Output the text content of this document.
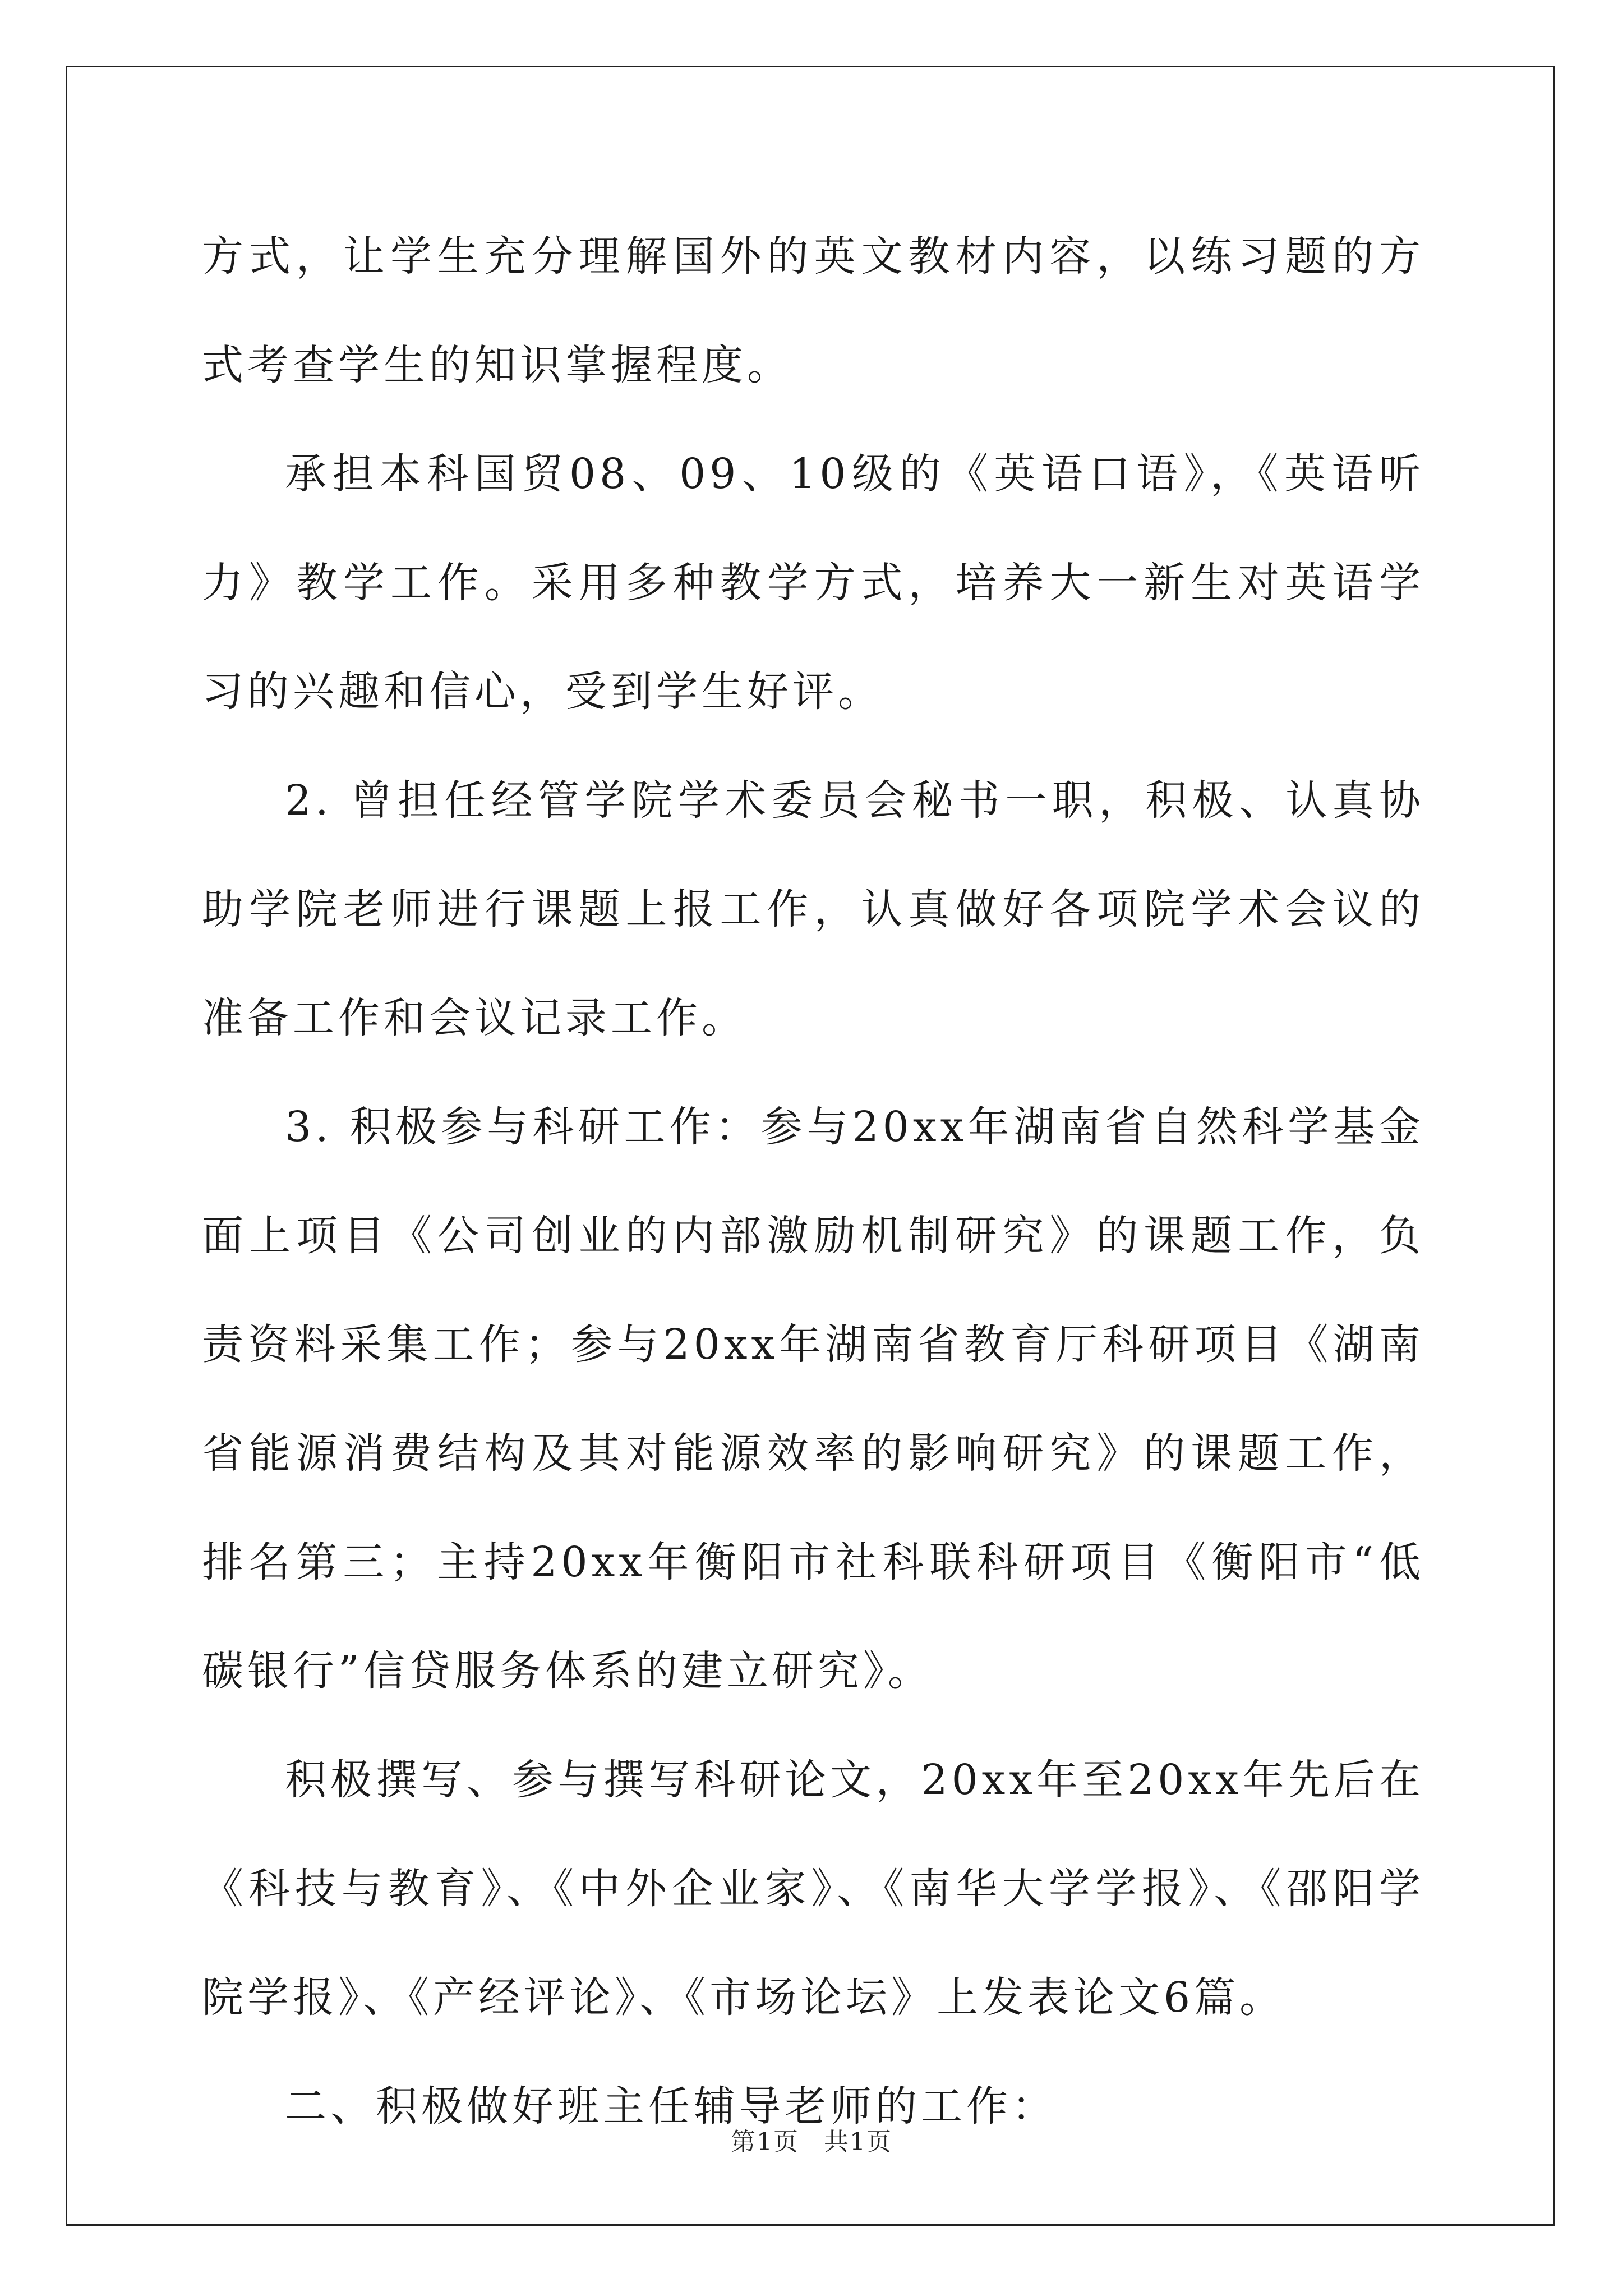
方式，让学生充分理解国外的英文教材内容，以练习题的方式考查学生的知识掌握程度。

承担本科国贸08、09、10级的《英语口语》，《英语听力》教学工作。采用多种教学方式，培养大一新生对英语学习的兴趣和信心，受到学生好评。

2. 曾担任经管学院学术委员会秘书一职，积极、认真协助学院老师进行课题上报工作，认真做好各项院学术会议的准备工作和会议记录工作。

3. 积极参与科研工作：参与20xx年湖南省自然科学基金面上项目《公司创业的内部激励机制研究》的课题工作，负责资料采集工作；参与20xx年湖南省教育厅科研项目《湖南省能源消费结构及其对能源效率的影响研究》的课题工作，排名第三；主持20xx年衡阳市社科联科研项目《衡阳市“低碳银行”信贷服务体系的建立研究》。

积极撰写、参与撰写科研论文，20xx年至20xx年先后在《科技与教育》、《中外企业家》、《南华大学学报》、《邵阳学院学报》、《产经评论》、《市场论坛》上发表论文6篇。

二、积极做好班主任辅导老师的工作：

第1页 共1页
